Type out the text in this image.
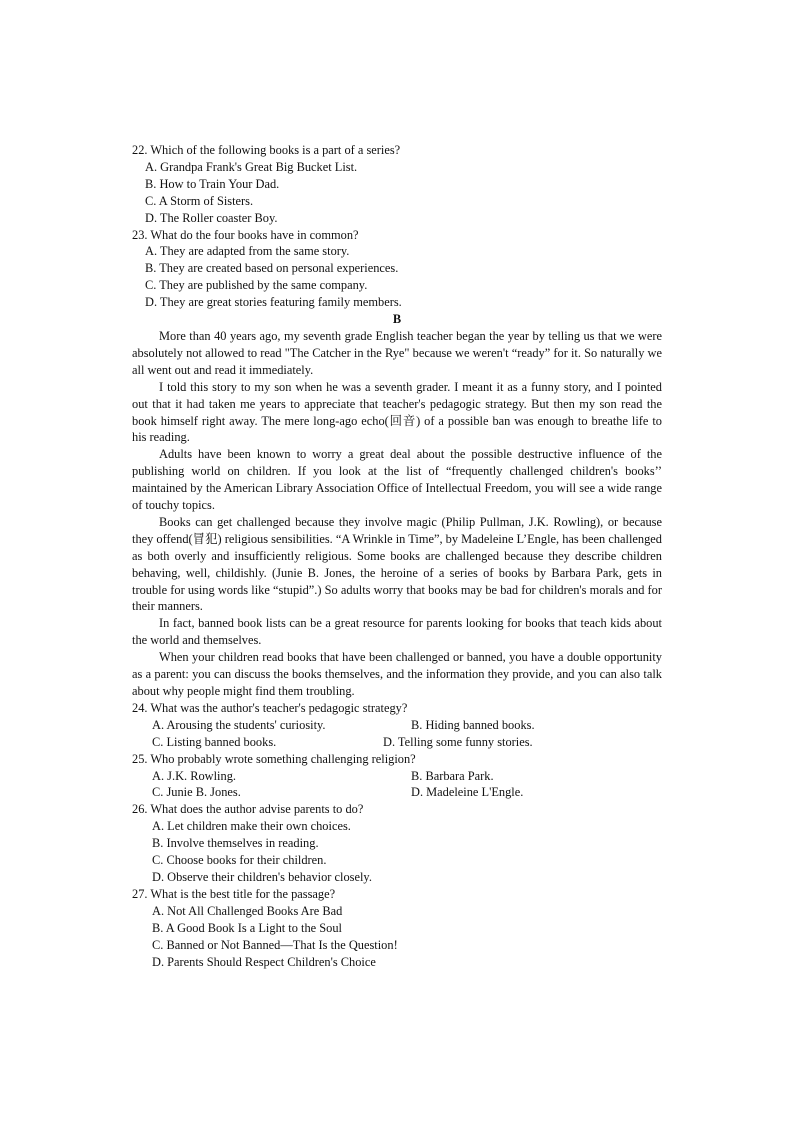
22. Which of the following books is a part of a series?
A. Grandpa Frank's Great Big Bucket List.
B. How to Train Your Dad.
C. A Storm of Sisters.
D. The Roller coaster Boy.
23. What do the four books have in common?
A. They are adapted from the same story.
B. They are created based on personal experiences.
C. They are published by the same company.
D. They are great stories featuring family members.
B

More than 40 years ago, my seventh grade English teacher began the year by telling us that we were absolutely not allowed to read "The Catcher in the Rye" because we weren't “ready” for it. So naturally we all went out and read it immediately.

I told this story to my son when he was a seventh grader. I meant it as a funny story, and I pointed out that it had taken me years to appreciate that teacher's pedagogic strategy. But then my son read the book himself right away. The mere long-ago echo(回音) of a possible ban was enough to breathe life to his reading.

Adults have been known to worry a great deal about the possible destructive influence of the publishing world on children. If you look at the list of “frequently challenged children's books’’ maintained by the American Library Association Office of Intellectual Freedom, you will see a wide range of touchy topics.

Books can get challenged because they involve magic (Philip Pullman, J.K. Rowling), or because they offend(冒犯) religious sensibilities. “A Wrinkle in Time”, by Madeleine L’Engle, has been challenged as both overly and insufficiently religious. Some books are challenged because they describe children behaving, well, childishly. (Junie B. Jones, the heroine of a series of books by Barbara Park, gets in trouble for using words like “stupid”.) So adults worry that books may be bad for children's morals and for their manners.

In fact, banned book lists can be a great resource for parents looking for books that teach kids about the world and themselves.

When your children read books that have been challenged or banned, you have a double opportunity as a parent: you can discuss the books themselves, and the information they provide, and you can also talk about why people might find them troubling.

24. What was the author's teacher's pedagogic strategy?
A. Arousing the students' curiosity.	B. Hiding banned books.
C. Listing banned books.	D. Telling some funny stories.
25. Who probably wrote something challenging religion?
A. J.K. Rowling.	B. Barbara Park.
C. Junie B. Jones.	D. Madeleine L'Engle.
26. What does the author advise parents to do?
A. Let children make their own choices.
B. Involve themselves in reading.
C. Choose books for their children.
D. Observe their children's behavior closely.
27. What is the best title for the passage?
A. Not All Challenged Books Are Bad
B. A Good Book Is a Light to the Soul
C. Banned or Not Banned—That Is the Question!
D. Parents Should Respect Children's Choice
